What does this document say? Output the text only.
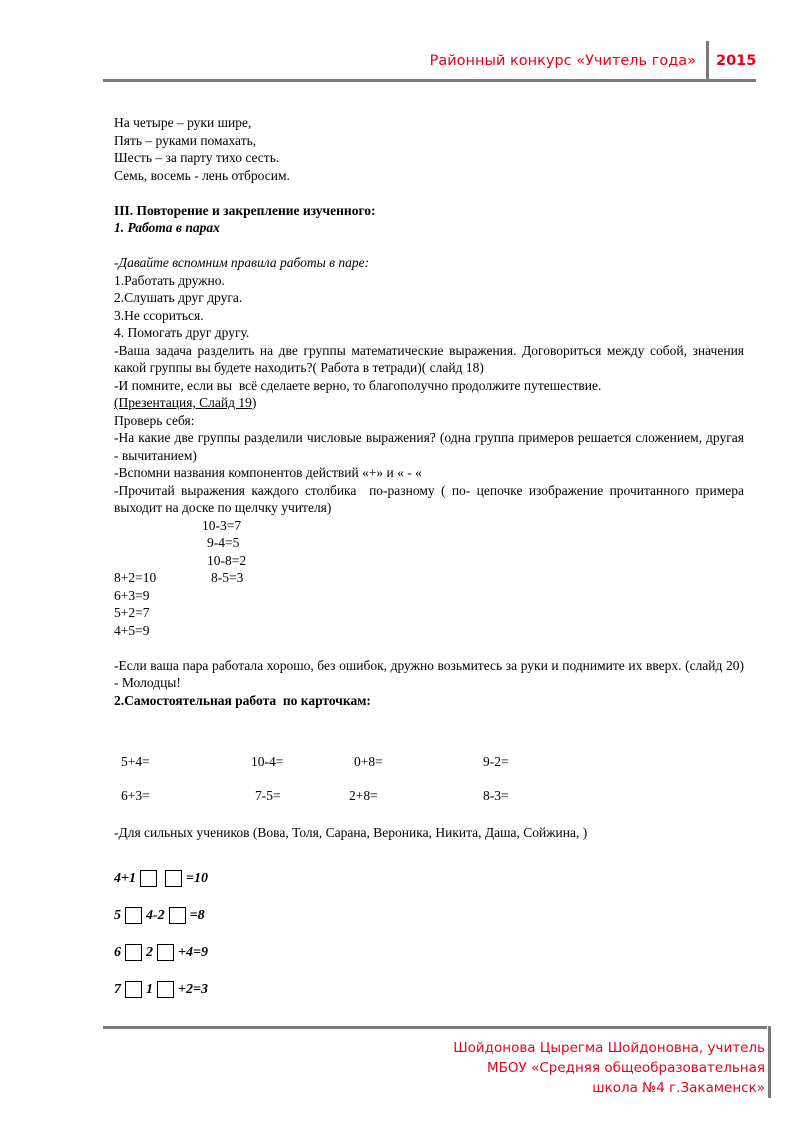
Районный конкурс «Учитель года» 2015

На четыре – руки шире,

Пять – руками помахать,

Шесть – за парту тихо сесть.

Семь, восемь - лень отбросим.

III. Повторение и закрепление изученного:

1. Работа в парах

-Давайте вспомним правила работы в паре:

1.Работать дружно.

2.Слушать друг друга.

3.Не ссориться.

4. Помогать друг другу.

-Ваша задача разделить на две группы математические выражения. Договориться между собой, значения какой группы вы будете находить?( Работа в тетради)( слайд 18)

-И помните, если вы  всё сделаете верно, то благополучно продолжите путешествие.

(Презентация, Слайд 19)

Проверь себя:

-На какие две группы разделили числовые выражения? (одна группа примеров решается сложением, другая  - вычитанием)

-Вспомни названия компонентов действий «+» и « - «

-Прочитай выражения каждого столбика  по-разному ( по- цепочке изображение прочитанного примера выходит на доске по щелчку учителя)

10-3=7
9-4=5
10-8=2
8+2=10	8-5=3
6+3=9
5+2=7
4+5=9

-Если ваша пара работала хорошо, без ошибок, дружно возьмитесь за руки и поднимите их вверх. (слайд 20) - Молодцы!

2.Самостоятельная работа  по карточкам:

5+4=	10-4=	0+8=	9-2=
6+3=	7-5=	2+8=	8-3=

-Для сильных учеников (Вова, Толя, Сарана, Вероника, Никита, Даша, Сойжина, )

4+1	=10
5 4-2 =8
6 2 +4=9
7 1 +2=3
Шойдонова Цырегма Шойдоновна, учитель
МБОУ «Средняя общеобразовательная
школа №4 г.Закаменск»
